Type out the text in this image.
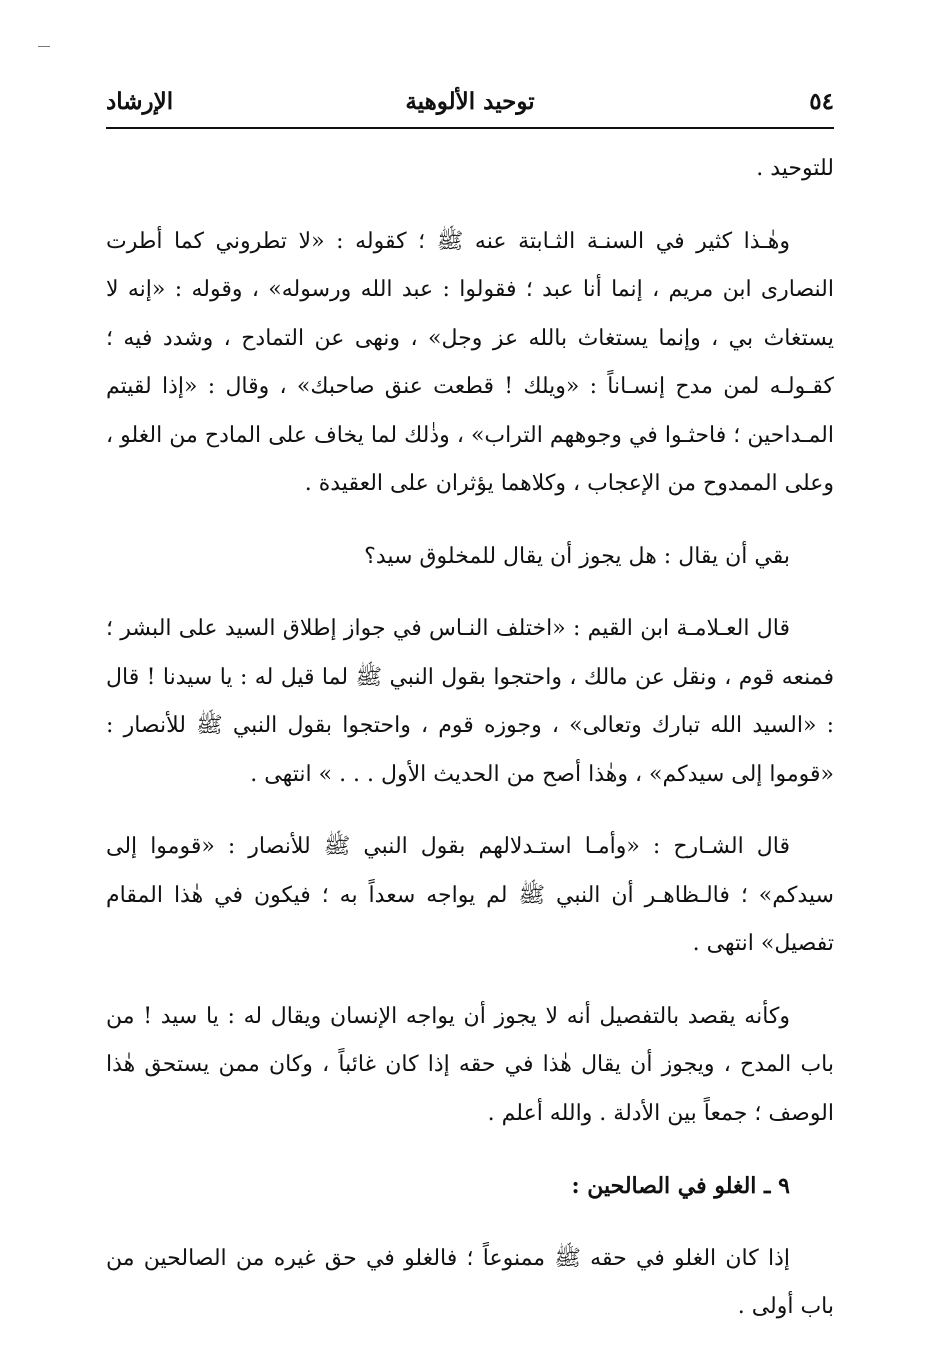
٥٤
توحيد الألوهية
الإرشاد

للتوحيد .

وهٰـذا كثير في السنـة الثـابتة عنه ﷺ ؛ كقوله : «لا تطروني كما أطرت النصارى ابن مريم ، إنما أنا عبد ؛ فقولوا : عبد الله ورسوله» ، وقوله : «إنه لا يستغاث بي ، وإنما يستغاث بالله عز وجل» ، ونهى عن التمادح ، وشدد فيه ؛ كقـولـه لمن مدح إنسـاناً : «ويلك ! قطعت عنق صاحبك» ، وقال : «إذا لقيتم المـداحين ؛ فاحثـوا في وجوههم التراب» ، وذٰلك لما يخاف على المادح من الغلو ، وعلى الممدوح من الإعجاب ، وكلاهما يؤثران على العقيدة .

بقي أن يقال : هل يجوز أن يقال للمخلوق سيد؟

قال العـلامـة ابن القيم : «اختلف النـاس في جواز إطلاق السيد على البشر ؛ فمنعه قوم ، ونقل عن مالك ، واحتجوا بقول النبي ﷺ لما قيل له : يا سيدنا ! قال : «السيد الله تبارك وتعالى» ، وجوزه قوم ، واحتجوا بقول النبي ﷺ للأنصار : «قوموا إلى سيدكم» ، وهٰذا أصح من الحديث الأول . . . » انتهى .

قال الشـارح : «وأمـا استـدلالهم بقول النبي ﷺ للأنصار : «قوموا إلى سيدكم» ؛ فالـظاهـر أن النبي ﷺ لم يواجه سعداً به ؛ فيكون في هٰذا المقام تفصيل» انتهى .

وكأنه يقصد بالتفصيل أنه لا يجوز أن يواجه الإنسان ويقال له : يا سيد ! من باب المدح ، ويجوز أن يقال هٰذا في حقه إذا كان غائباً ، وكان ممن يستحق هٰذا الوصف ؛ جمعاً بين الأدلة . والله أعلم .

٩ ـ الغلو في الصالحين :

إذا كان الغلو في حقه ﷺ ممنوعاً ؛ فالغلو في حق غيره من الصالحين من باب أولى .
